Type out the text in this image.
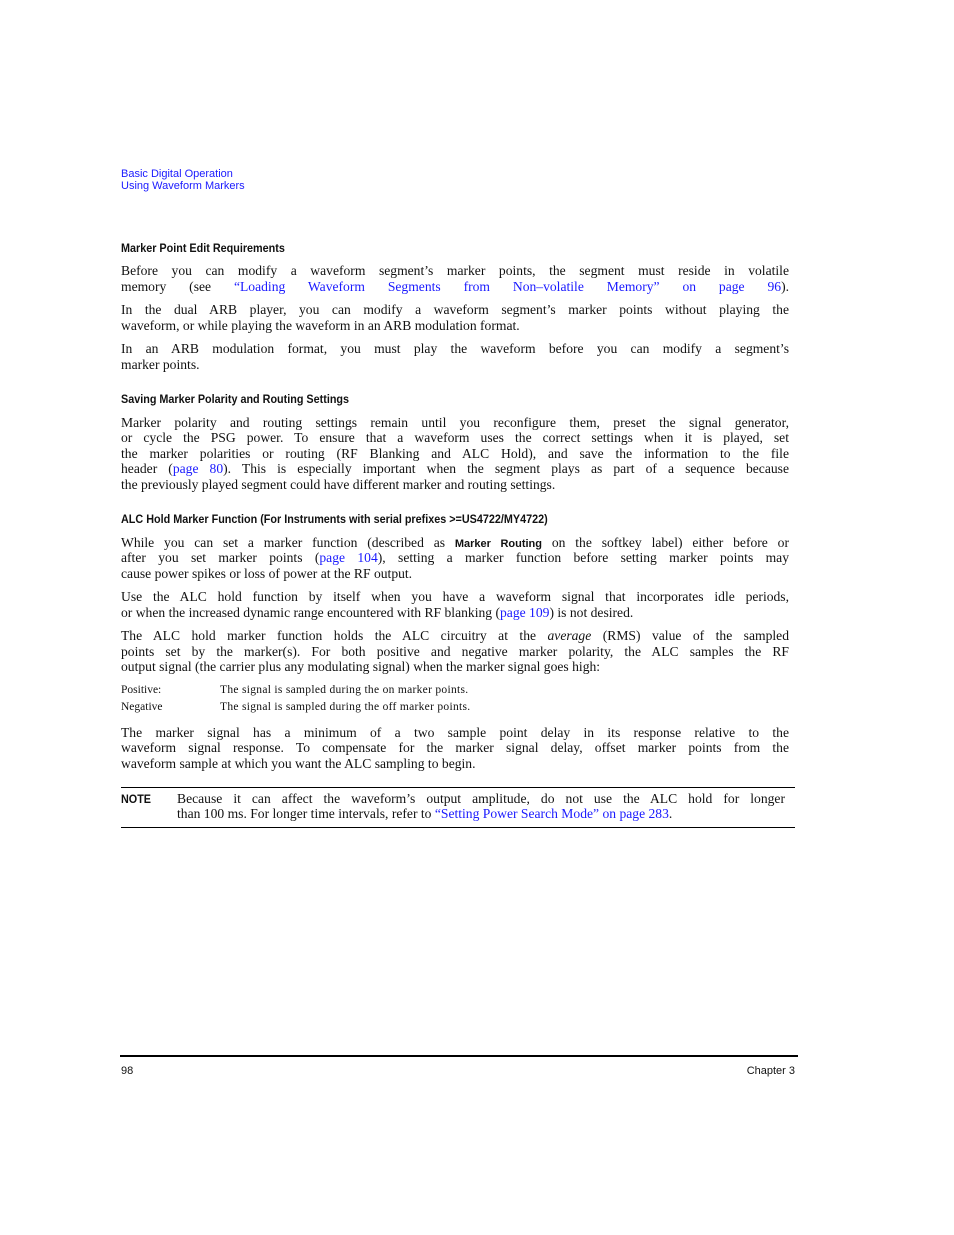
Basic Digital Operation
Using Waveform Markers
Marker Point Edit Requirements
Before you can modify a waveform segment’s marker points, the segment must reside in volatile
memory (see “Loading Waveform Segments from Non–volatile Memory” on page 96).
In the dual ARB player, you can modify a waveform segment’s marker points without playing the
waveform, or while playing the waveform in an ARB modulation format.
In an ARB modulation format, you must play the waveform before you can modify a segment’s
marker points.
Saving Marker Polarity and Routing Settings
Marker polarity and routing settings remain until you reconfigure them, preset the signal generator,
or cycle the PSG power. To ensure that a waveform uses the correct settings when it is played, set
the marker polarities or routing (RF Blanking and ALC Hold), and save the information to the file
header (page 80). This is especially important when the segment plays as part of a sequence because
the previously played segment could have different marker and routing settings.
ALC Hold Marker Function (For Instruments with serial prefixes >=US4722/MY4722)
While you can set a marker function (described as Marker Routing on the softkey label) either before or
after you set marker points (page 104), setting a marker function before setting marker points may
cause power spikes or loss of power at the RF output.
Use the ALC hold function by itself when you have a waveform signal that incorporates idle periods,
or when the increased dynamic range encountered with RF blanking (page 109) is not desired.
The ALC hold marker function holds the ALC circuitry at the average (RMS) value of the sampled
points set by the marker(s). For both positive and negative marker polarity, the ALC samples the RF
output signal (the carrier plus any modulating signal) when the marker signal goes high:
Positive:	The signal is sampled during the on marker points.
Negative	The signal is sampled during the off marker points.
The marker signal has a minimum of a two sample point delay in its response relative to the
waveform signal response. To compensate for the marker signal delay, offset marker points from the
waveform sample at which you want the ALC sampling to begin.
NOTE Because it can affect the waveform’s output amplitude, do not use the ALC hold for longer
than 100 ms. For longer time intervals, refer to “Setting Power Search Mode” on page 283.
98	Chapter 3
